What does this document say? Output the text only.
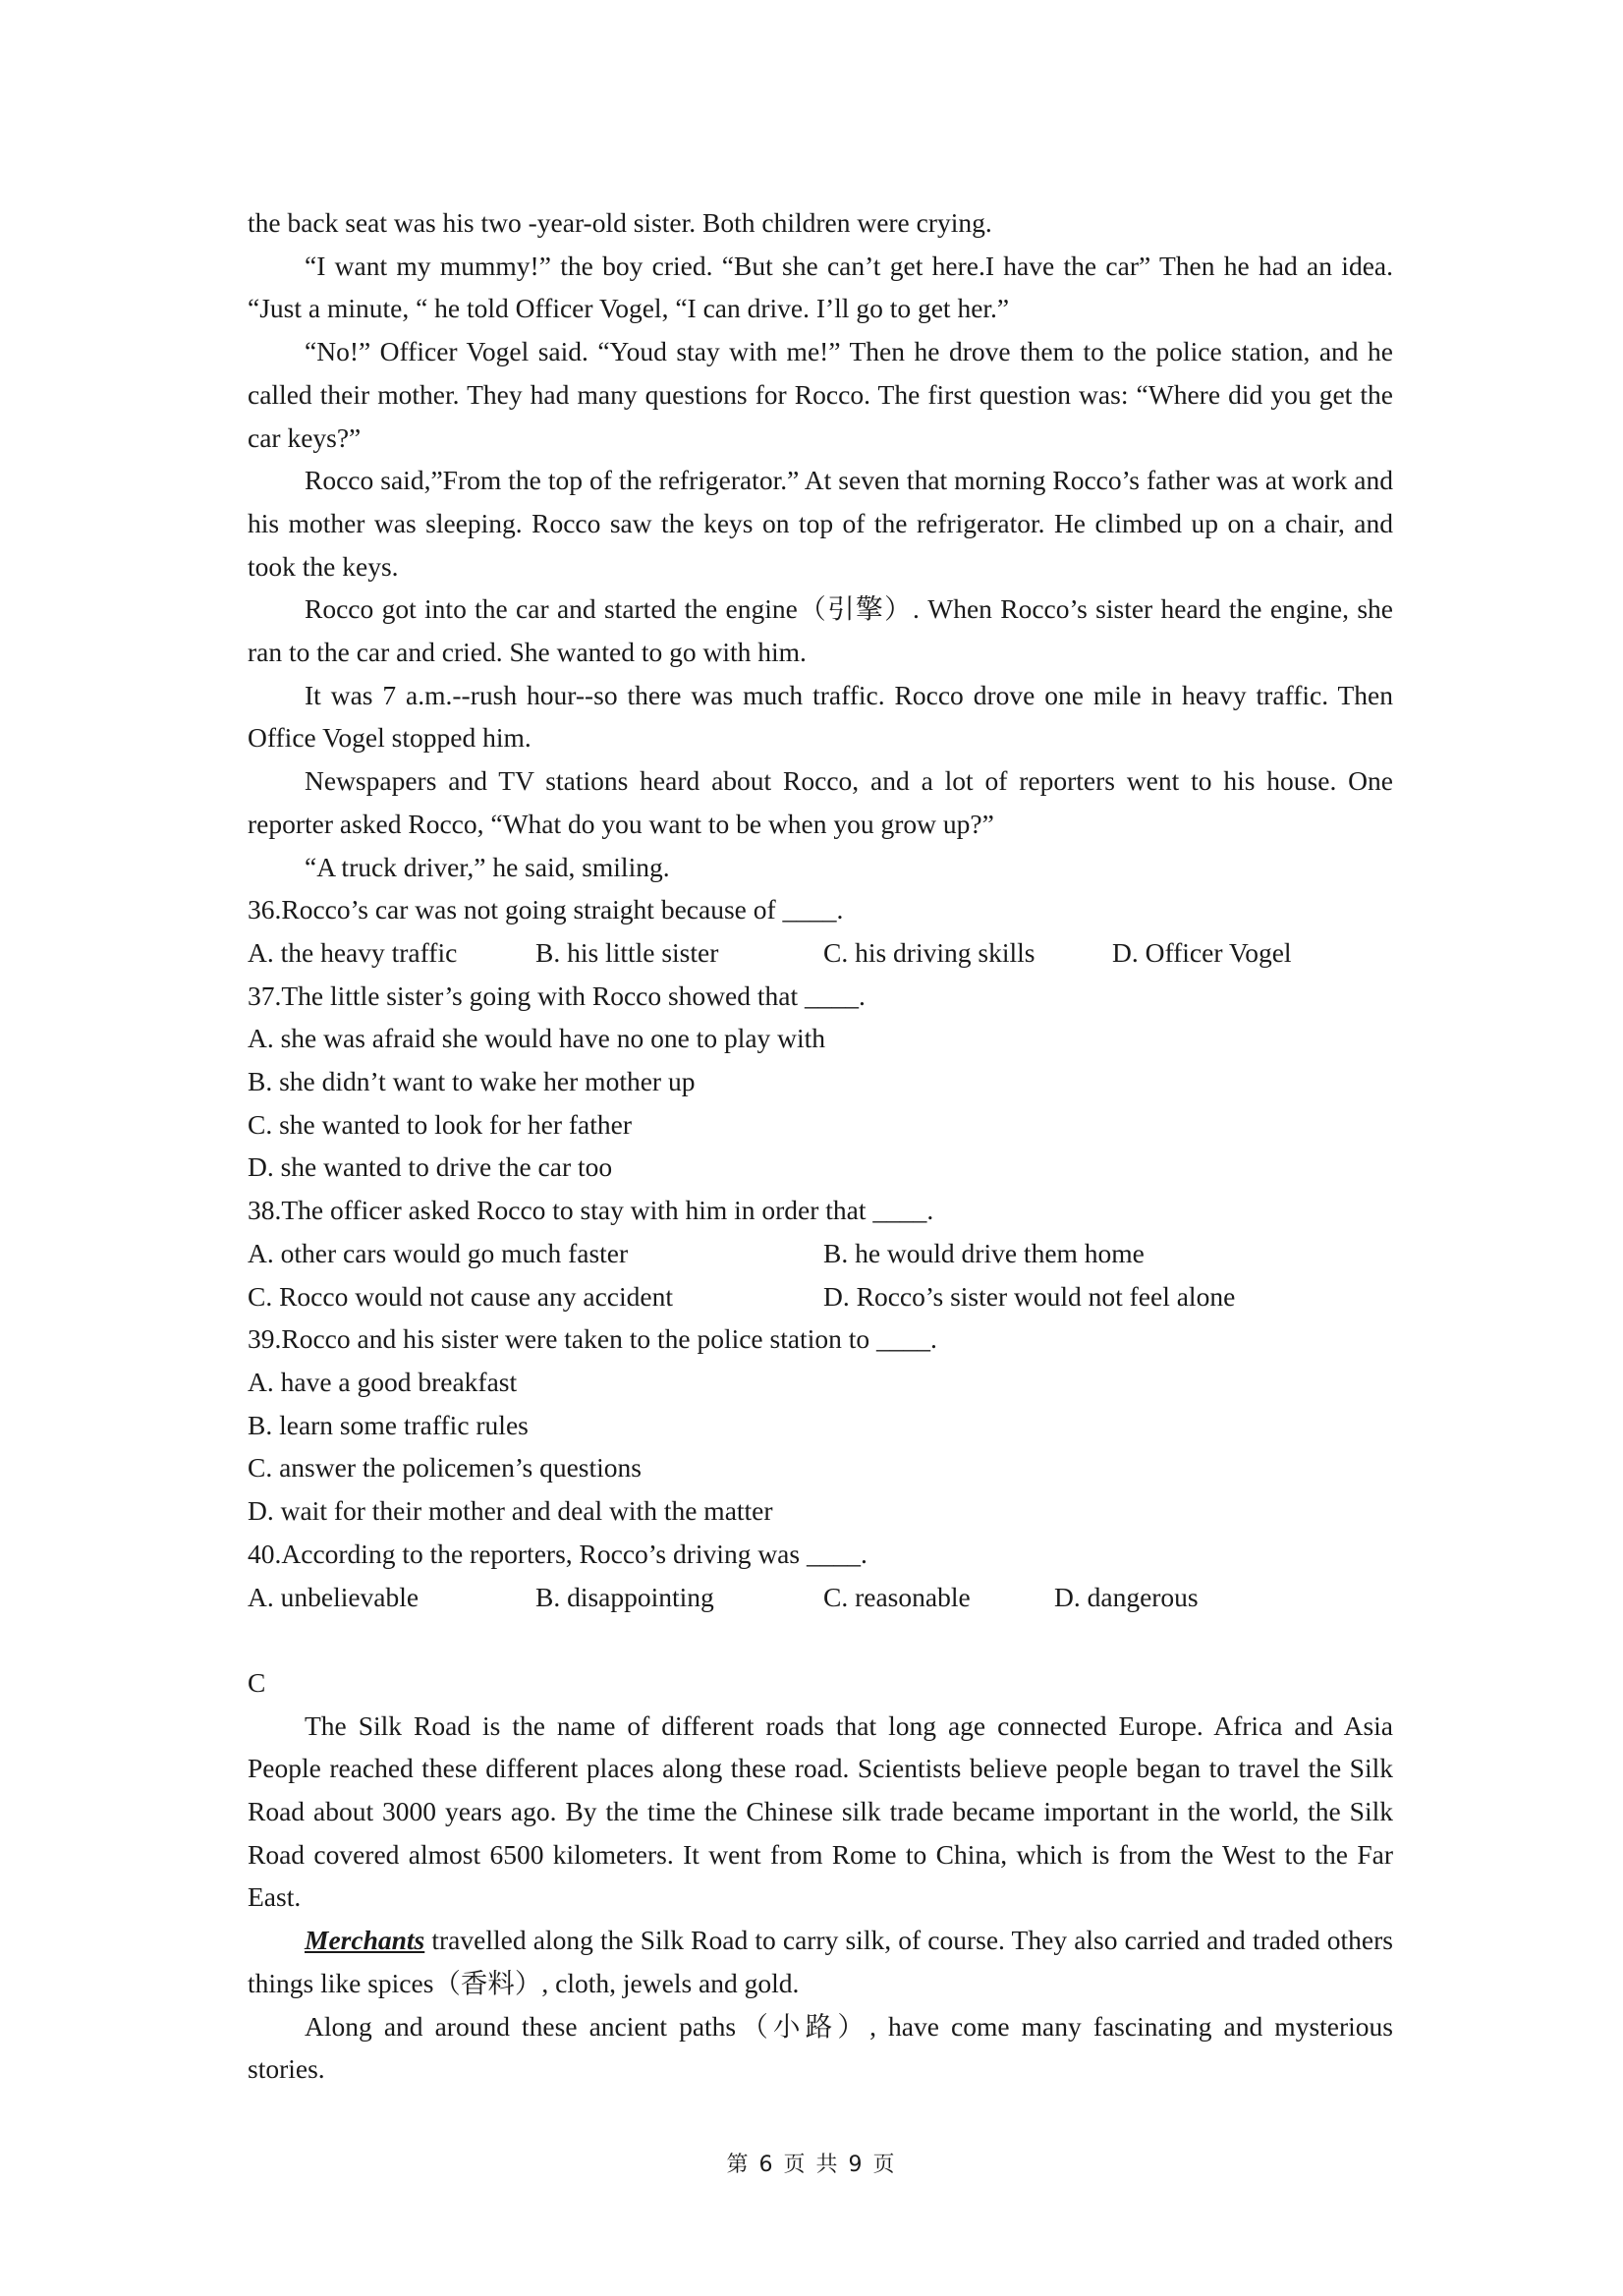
the back seat was his two -year-old sister. Both children were crying.

“I want my mummy!” the boy cried. “But she can’t get here.I have the car” Then he had an idea. “Just a minute, “ he told Officer Vogel, “I can drive. I’ll go to get her.”

“No!” Officer Vogel said. “Youd stay with me!” Then he drove them to the police station, and he called their mother. They had many questions for Rocco. The first question was: “Where did you get the car keys?”

Rocco said,”From the top of the refrigerator.” At seven that morning Rocco’s father was at work and his mother was sleeping. Rocco saw the keys on top of the refrigerator. He climbed up on a chair, and took the keys.

Rocco got into the car and started the engine（引擎）. When Rocco’s sister heard the engine, she ran to the car and cried. She wanted to go with him.

It was 7 a.m.--rush hour--so there was much traffic. Rocco drove one mile in heavy traffic. Then Office Vogel stopped him.

Newspapers and TV stations heard about Rocco, and a lot of reporters went to his house. One reporter asked Rocco, “What do you want to be when you grow up?”

“A truck driver,” he said, smiling.

36.Rocco’s car was not going straight because of ____.

A. the heavy traffic	B. his little sister	C. his driving skills	D. Officer Vogel

37.The little sister’s going with Rocco showed that ____.

A. she was afraid she would have no one to play with

B. she didn’t want to wake her mother up

C. she wanted to look for her father

D. she wanted to drive the car too

38.The officer asked Rocco to stay with him in order that ____.

A. other cars would go much faster	B. he would drive them home
C. Rocco would not cause any accident	D. Rocco’s sister would not feel alone

39.Rocco and his sister were taken to the police station to ____.

A. have a good breakfast

B. learn some traffic rules

C. answer the policemen’s questions

D. wait for their mother and deal with the matter

40.According to the reporters, Rocco’s driving was ____.

A. unbelievable	B. disappointing	C. reasonable	D. dangerous

C

The Silk Road is the name of different roads that long age connected Europe. Africa and Asia People reached these different places along these road. Scientists believe people began to travel the Silk Road about 3000 years ago. By the time the Chinese silk trade became important in the world, the Silk Road covered almost 6500 kilometers. It went from Rome to China, which is from the West to the Far East.

Merchants travelled along the Silk Road to carry silk, of course. They also carried and traded others things like spices（香料）, cloth, jewels and gold.

Along and around these ancient paths（小路）, have come many fascinating and mysterious stories.

第 6 页 共 9 页
